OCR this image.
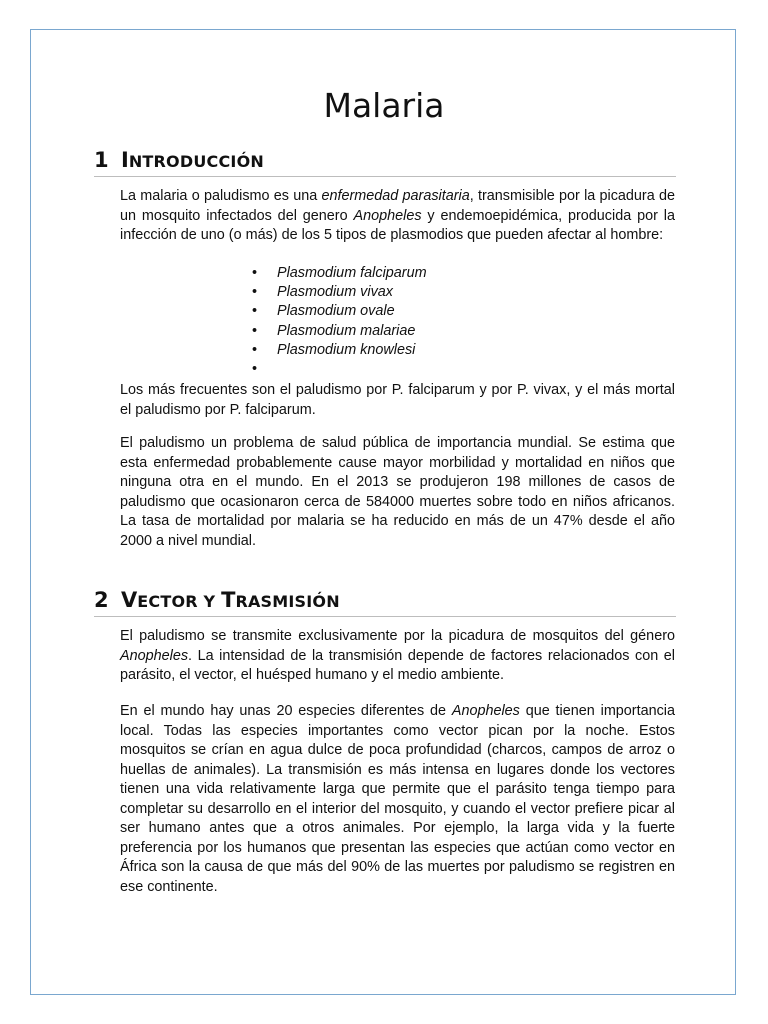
Malaria
1 INTRODUCCIÓN

La malaria o paludismo es una enfermedad parasitaria, transmisible por la picadura de un mosquito infectados del genero Anopheles y endemoepidémica, producida por la infección de uno (o más) de los 5 tipos de plasmodios que pueden afectar al hombre:

• Plasmodium falciparum
• Plasmodium vivax
• Plasmodium ovale
• Plasmodium malariae
• Plasmodium knowlesi
•

Los más frecuentes son el paludismo por P. falciparum y por P. vivax, y el más mortal el paludismo por P. falciparum.

El paludismo un problema de salud pública de importancia mundial. Se estima que esta enfermedad probablemente cause mayor morbilidad y mortalidad en niños que ninguna otra en el mundo. En el 2013 se produjeron 198 millones de casos de paludismo que ocasionaron cerca de 584000 muertes sobre todo en niños africanos. La tasa de mortalidad por malaria se ha reducido en más de un 47% desde el año 2000 a nivel mundial.

2 VECTOR Y TRASMISIÓN

El paludismo se transmite exclusivamente por la picadura de mosquitos del género Anopheles. La intensidad de la transmisión depende de factores relacionados con el parásito, el vector, el huésped humano y el medio ambiente.

En el mundo hay unas 20 especies diferentes de Anopheles que tienen importancia local. Todas las especies importantes como vector pican por la noche. Estos mosquitos se crían en agua dulce de poca profundidad (charcos, campos de arroz o huellas de animales). La transmisión es más intensa en lugares donde los vectores tienen una vida relativamente larga que permite que el parásito tenga tiempo para completar su desarrollo en el interior del mosquito, y cuando el vector prefiere picar al ser humano antes que a otros animales. Por ejemplo, la larga vida y la fuerte preferencia por los humanos que presentan las especies que actúan como vector en África son la causa de que más del 90% de las muertes por paludismo se registren en ese continente.
